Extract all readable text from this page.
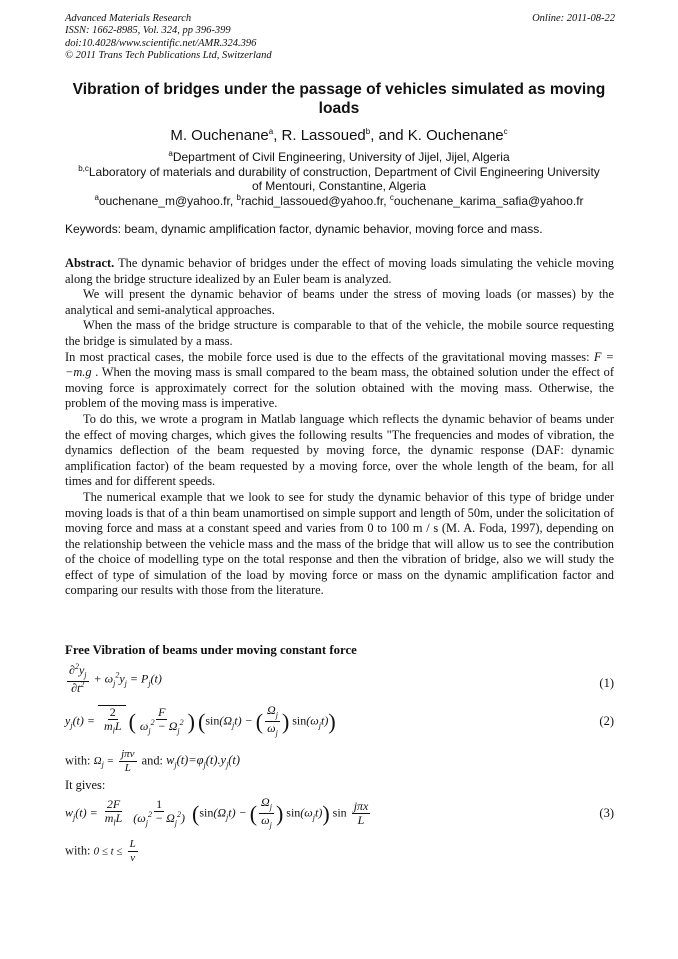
Advanced Materials Research
ISSN: 1662-8985, Vol. 324, pp 396-399
doi:10.4028/www.scientific.net/AMR.324.396
© 2011 Trans Tech Publications Ltd, Switzerland
Online: 2011-08-22
Vibration of bridges under the passage of vehicles simulated as moving loads
M. Ouchenane$^a$, R. Lassoued$^b$, and K. Ouchenane$^c$
$^a$Department of Civil Engineering, University of Jijel, Jijel, Algeria
$^{b,c}$Laboratory of materials and durability of construction, Department of Civil Engineering University
of Mentouri, Constantine, Algeria
$^a$ouchenane_m@yahoo.fr, $^b$rachid_lassoued@yahoo.fr, $^c$ouchenane_karima_safia@yahoo.fr
Keywords: beam, dynamic amplification factor, dynamic behavior, moving force and mass.

Abstract. The dynamic behavior of bridges under the effect of moving loads simulating the vehicle moving along the bridge structure idealized by an Euler beam is analyzed.

We will present the dynamic behavior of beams under the stress of moving loads (or masses) by the analytical and semi-analytical approaches.

When the mass of the bridge structure is comparable to that of the vehicle, the mobile source requesting the bridge is simulated by a mass.

In most practical cases, the mobile force used is due to the effects of the gravitational moving masses: F = −m.g . When the moving mass is small compared to the beam mass, the obtained solution under the effect of moving force is approximately correct for the solution obtained with the moving mass. Otherwise, the problem of the moving mass is imperative.

To do this, we wrote a program in Matlab language which reflects the dynamic behavior of beams under the effect of moving charges, which gives the following results "The frequencies and modes of vibration, the dynamics deflection of the beam requested by moving force, the dynamic response (DAF: dynamic amplification factor) of the beam requested by a moving force, over the whole length of the beam, for all times and for different speeds.

The numerical example that we look to see for study the dynamic behavior of this type of bridge under moving loads is that of a thin beam unamortised on simple support and length of 50m, under the solicitation of moving force and mass at a constant speed and varies from 0 to 100 m / s (M. A. Foda, 1997), depending on the relationship between the vehicle mass and the mass of the bridge that will allow us to see the contribution of the choice of modelling type on the total response and then the vibration of bridge, also we will study the effect of type of simulation of the load by moving force or mass on the dynamic amplification factor and comparing our results with those from the literature.

Free Vibration of beams under moving constant force
$\frac{\partial^2y_j}{\partial t^2} + \omega_j^2y_j = P_j(t)$	(1)
$y_j(t) = \frac{2}{m_lL}$ ( $\frac{F}{\omega_j^2 - \Omega_j^2}$ ) ($\sin(\Omega_jt)$ − ( $\frac{\Omega_j}{\omega_j}$ ) $\sin(\omega_jt)$)	(2)
with: $\Omega_j = \frac{\text{jπv}}{L}$ and: $w_j(t)=\varphi_j(t).y_j(t)$
It gives:
$w_j(t) = \frac{2F}{m_lL}$
$\frac{1}{(\omega_j^2 - \Omega_j^2)} (\sin(\Omega_jt)$ − ( $\frac{\Omega_j}{\omega_j}$ ) $\sin(\omega_jt)$) $\sin \frac{\text{jπx}}{L}$	(3)
with: $0 \le t \le \frac{L}{v}$
